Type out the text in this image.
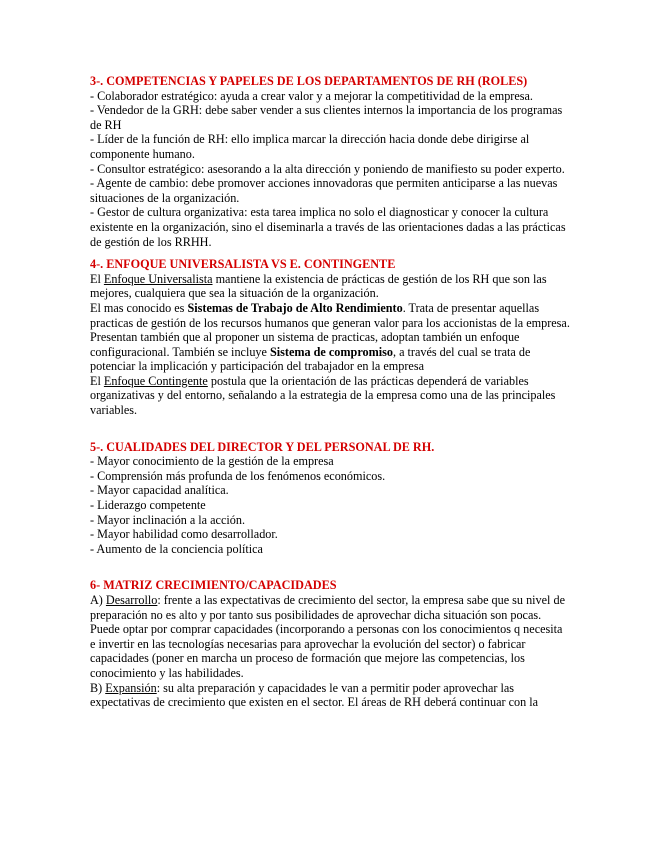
3-. COMPETENCIAS Y PAPELES DE LOS DEPARTAMENTOS DE RH (ROLES)

- Colaborador estratégico: ayuda a crear valor y a mejorar la competitividad de la empresa.

- Vendedor de la GRH: debe saber vender a sus clientes internos la importancia de los programas de RH

- Líder de la función de RH: ello implica marcar la dirección hacia donde debe dirigirse al componente humano.

- Consultor estratégico: asesorando a la alta dirección y poniendo de manifiesto su poder experto.

- Agente de cambio: debe promover acciones innovadoras que permiten anticiparse a las nuevas situaciones de la organización.

- Gestor de cultura organizativa: esta tarea implica no solo el diagnosticar y conocer la cultura existente en la organización, sino el diseminarla a través de las orientaciones dadas a las prácticas de gestión de los RRHH.

4-. ENFOQUE UNIVERSALISTA VS E. CONTINGENTE

El Enfoque Universalista mantiene la existencia de prácticas de gestión de los RH que son las mejores, cualquiera que sea la situación de la organización.

El mas conocido es Sistemas de Trabajo de Alto Rendimiento. Trata de presentar aquellas practicas de gestión de los recursos humanos que generan valor para los accionistas de la empresa. Presentan también que al proponer un sistema de practicas, adoptan también un enfoque configuracional. También se incluye Sistema de compromiso, a través del cual se trata de potenciar la implicación y participación del trabajador en la empresa

El Enfoque Contingente postula que la orientación de las prácticas dependerá de variables organizativas y del entorno, señalando a la estrategia de la empresa como una de las principales variables.

5-. CUALIDADES DEL DIRECTOR Y DEL PERSONAL DE RH.

- Mayor conocimiento de la gestión de la empresa

- Comprensión más profunda de los fenómenos económicos.

- Mayor capacidad analítica.

- Liderazgo competente

- Mayor inclinación a la acción.

- Mayor habilidad como desarrollador.

- Aumento de la conciencia política

6- MATRIZ CRECIMIENTO/CAPACIDADES

A) Desarrollo: frente a las expectativas de crecimiento del sector, la empresa sabe que su nivel de preparación no es alto y por tanto sus posibilidades de aprovechar dicha situación son pocas. Puede optar por comprar capacidades (incorporando a personas con los conocimientos q necesita e invertir en las tecnologías necesarias para aprovechar la evolución del sector) o fabricar capacidades (poner en marcha un proceso de formación que mejore las competencias, los conocimiento y las habilidades.

B) Expansión: su alta preparación y capacidades le van a permitir poder aprovechar las expectativas de crecimiento que existen en el sector. El áreas de RH deberá continuar con la
